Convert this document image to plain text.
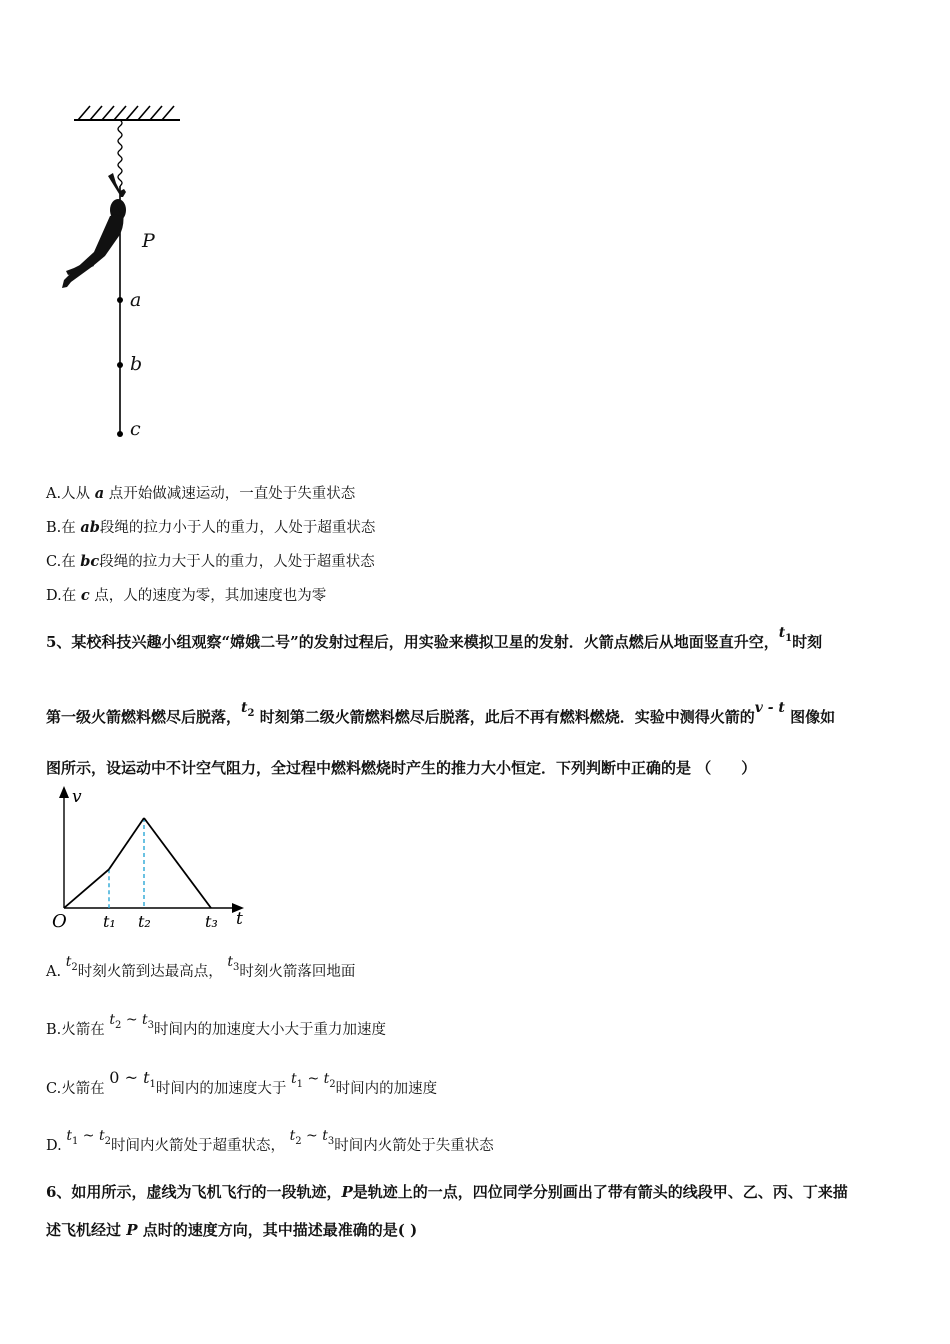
P
a
b
c
A.人从 a 点开始做减速运动，一直处于失重状态
B.在 ab段绳的拉力小于人的重力，人处于超重状态
C.在 bc段绳的拉力大于人的重力，人处于超重状态
D.在 c 点，人的速度为零，其加速度也为零
5、某校科技兴趣小组观察“嫦娥二号”的发射过程后，用实验来模拟卫星的发射．火箭点燃后从地面竖直升空，$t_1$时刻
第一级火箭燃料燃尽后脱落，$t_2$ 时刻第二级火箭燃料燃尽后脱落，此后不再有燃料燃烧．实验中测得火箭的v - t 图像如
图所示，设运动中不计空气阻力，全过程中燃料燃烧时产生的推力大小恒定．下列判断中正确的是 （　　）
v
t
O t₁ t₂	t₃
A. $t_2$时刻火箭到达最高点， $t_3$时刻火箭落回地面
B.火箭在 $t_2$ ~ $t_3$时间内的加速度大小大于重力加速度
C.火箭在 0 ~ $t_1$时间内的加速度大于 $t_1$ ~ $t_2$时间内的加速度
D. $t_1$ ~ $t_2$时间内火箭处于超重状态， $t_2$ ~ $t_3$时间内火箭处于失重状态
6、如用所示，虚线为飞机飞行的一段轨迹，P是轨迹上的一点，四位同学分别画出了带有箭头的线段甲、乙、丙、丁来描
述飞机经过 P 点时的速度方向，其中描述最准确的是( )
